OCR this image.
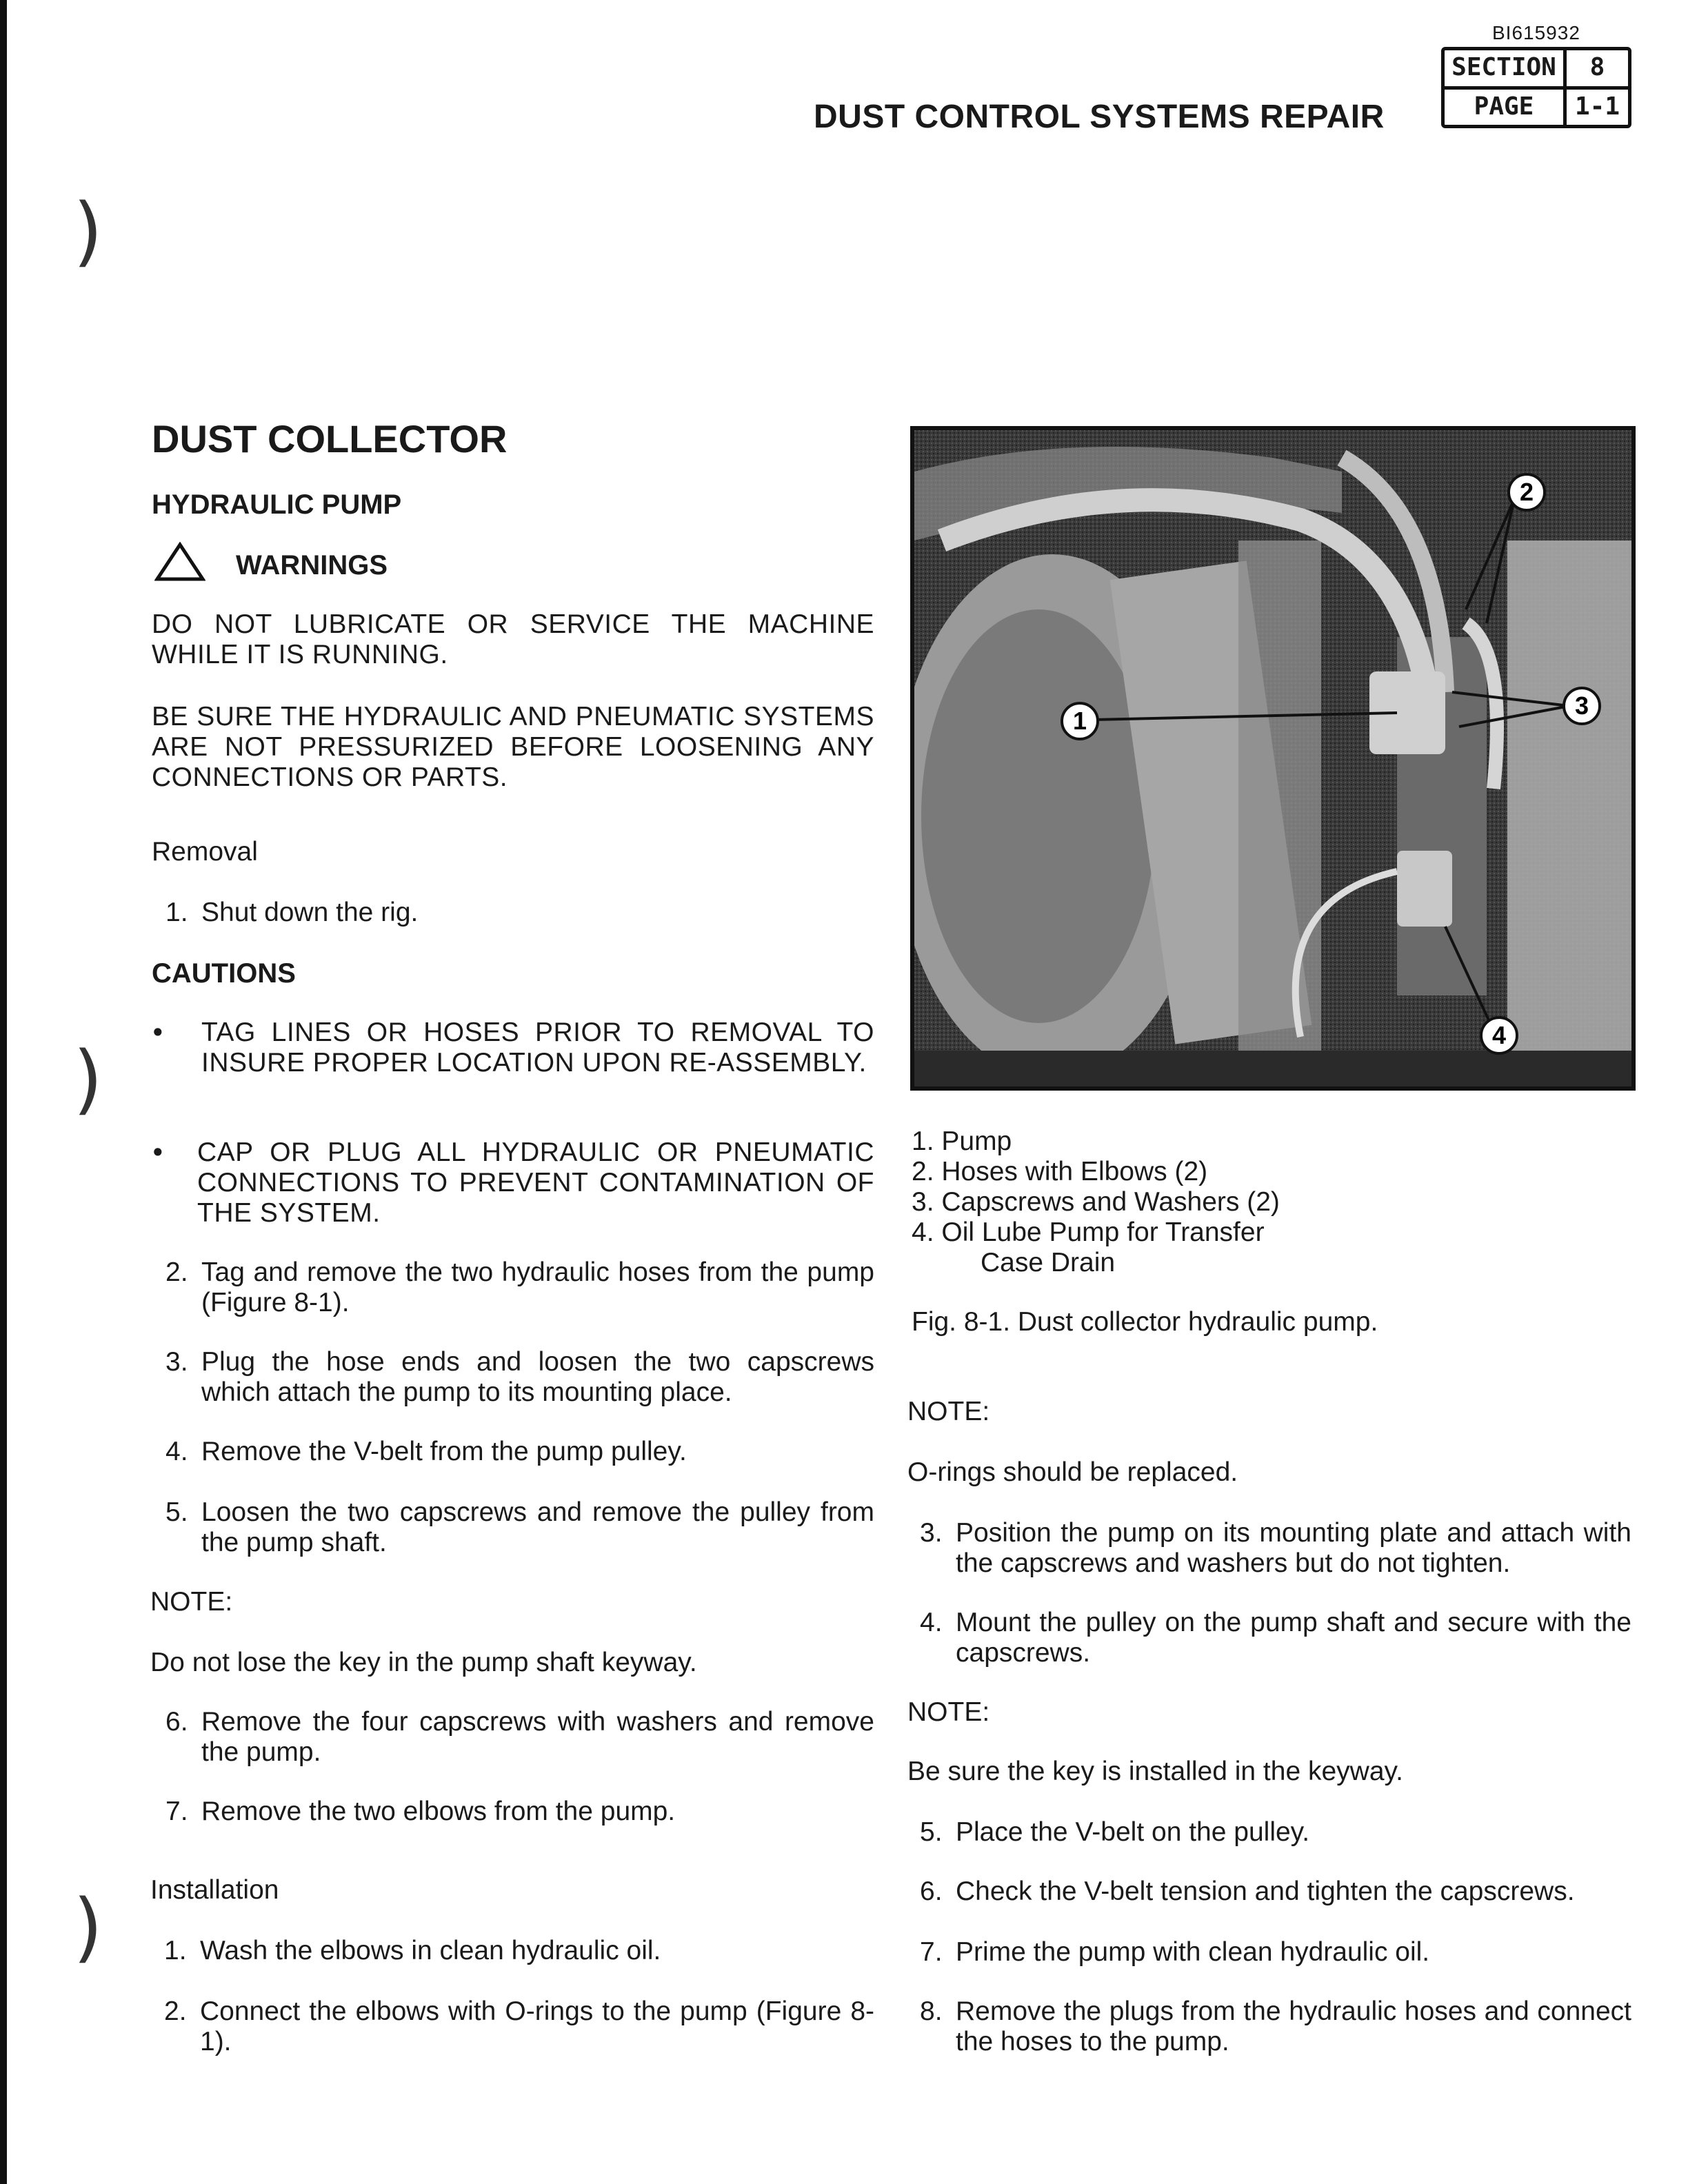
)
)
)
BI615932
DUST CONTROL SYSTEMS REPAIR
SECTION	8
PAGE	1-1
DUST COLLECTOR
HYDRAULIC PUMP
WARNINGS
DO NOT LUBRICATE OR SERVICE THE MACHINE WHILE IT IS RUNNING.
BE SURE THE HYDRAULIC AND PNEUMATIC SYSTEMS ARE NOT PRESSURIZED BEFORE LOOSENING ANY CONNECTIONS OR PARTS.
Removal
1. Shut down the rig.
CAUTIONS
• TAG LINES OR HOSES PRIOR TO REMOVAL TO INSURE PROPER LOCATION UPON RE-ASSEMBLY.
• CAP OR PLUG ALL HYDRAULIC OR PNEUMATIC CONNECTIONS TO PREVENT CONTAMINATION OF THE SYSTEM.
2. Tag and remove the two hydraulic hoses from the pump (Figure 8-1).
3. Plug the hose ends and loosen the two capscrews which attach the pump to its mounting place.
4. Remove the V-belt from the pump pulley.
5. Loosen the two capscrews and remove the pulley from the pump shaft.
NOTE:
Do not lose the key in the pump shaft keyway.
6. Remove the four capscrews with washers and remove the pump.
7. Remove the two elbows from the pump.
Installation
1. Wash the elbows in clean hydraulic oil.
2. Connect the elbows with O-rings to the pump (Figure 8-1).
1
2
3
4
1. Pump
2. Hoses with Elbows (2)
3. Capscrews and Washers (2)
4. Oil Lube Pump for Transfer
Case Drain
Fig. 8-1. Dust collector hydraulic pump.
NOTE:
O-rings should be replaced.
3. Position the pump on its mounting plate and attach with the capscrews and washers but do not tighten.
4. Mount the pulley on the pump shaft and secure with the capscrews.
NOTE:
Be sure the key is installed in the keyway.
5. Place the V-belt on the pulley.
6. Check the V-belt tension and tighten the capscrews.
7. Prime the pump with clean hydraulic oil.
8. Remove the plugs from the hydraulic hoses and connect the hoses to the pump.
